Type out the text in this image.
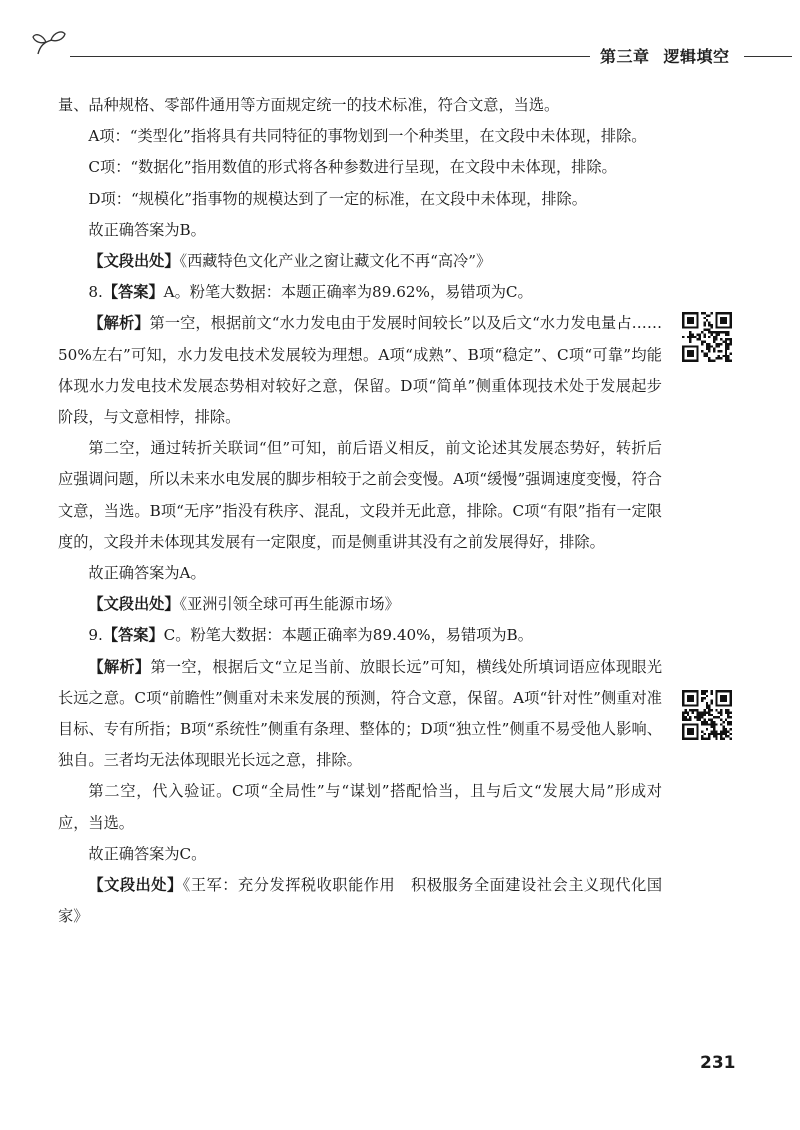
第三章 逻辑填空

量、品种规格、零部件通用等方面规定统一的技术标准，符合文意，当选。

A项：“类型化”指将具有共同特征的事物划到一个种类里，在文段中未体现，排除。

C项：“数据化”指用数值的形式将各种参数进行呈现，在文段中未体现，排除。

D项：“规模化”指事物的规模达到了一定的标准，在文段中未体现，排除。

故正确答案为B。

【文段出处】《西藏特色文化产业之窗让藏文化不再“高冷”》

8.【答案】A。粉笔大数据：本题正确率为89.62%，易错项为C。

【解析】第一空，根据前文“水力发电由于发展时间较长”以及后文“水力发电量占……50%左右”可知，水力发电技术发展较为理想。A项“成熟”、B项“稳定”、C项“可靠”均能体现水力发电技术发展态势相对较好之意，保留。D项“简单”侧重体现技术处于发展起步阶段，与文意相悖，排除。

第二空，通过转折关联词“但”可知，前后语义相反，前文论述其发展态势好，转折后应强调问题，所以未来水电发展的脚步相较于之前会变慢。A项“缓慢”强调速度变慢，符合文意，当选。B项“无序”指没有秩序、混乱，文段并无此意，排除。C项“有限”指有一定限度的，文段并未体现其发展有一定限度，而是侧重讲其没有之前发展得好，排除。

故正确答案为A。

【文段出处】《亚洲引领全球可再生能源市场》

9.【答案】C。粉笔大数据：本题正确率为89.40%，易错项为B。

【解析】第一空，根据后文“立足当前、放眼长远”可知，横线处所填词语应体现眼光长远之意。C项“前瞻性”侧重对未来发展的预测，符合文意，保留。A项“针对性”侧重对准目标、专有所指；B项“系统性”侧重有条理、整体的；D项“独立性”侧重不易受他人影响、独自。三者均无法体现眼光长远之意，排除。

第二空，代入验证。C项“全局性”与“谋划”搭配恰当，且与后文“发展大局”形成对应，当选。

故正确答案为C。

【文段出处】《王军：充分发挥税收职能作用　积极服务全面建设社会主义现代化国家》

231
